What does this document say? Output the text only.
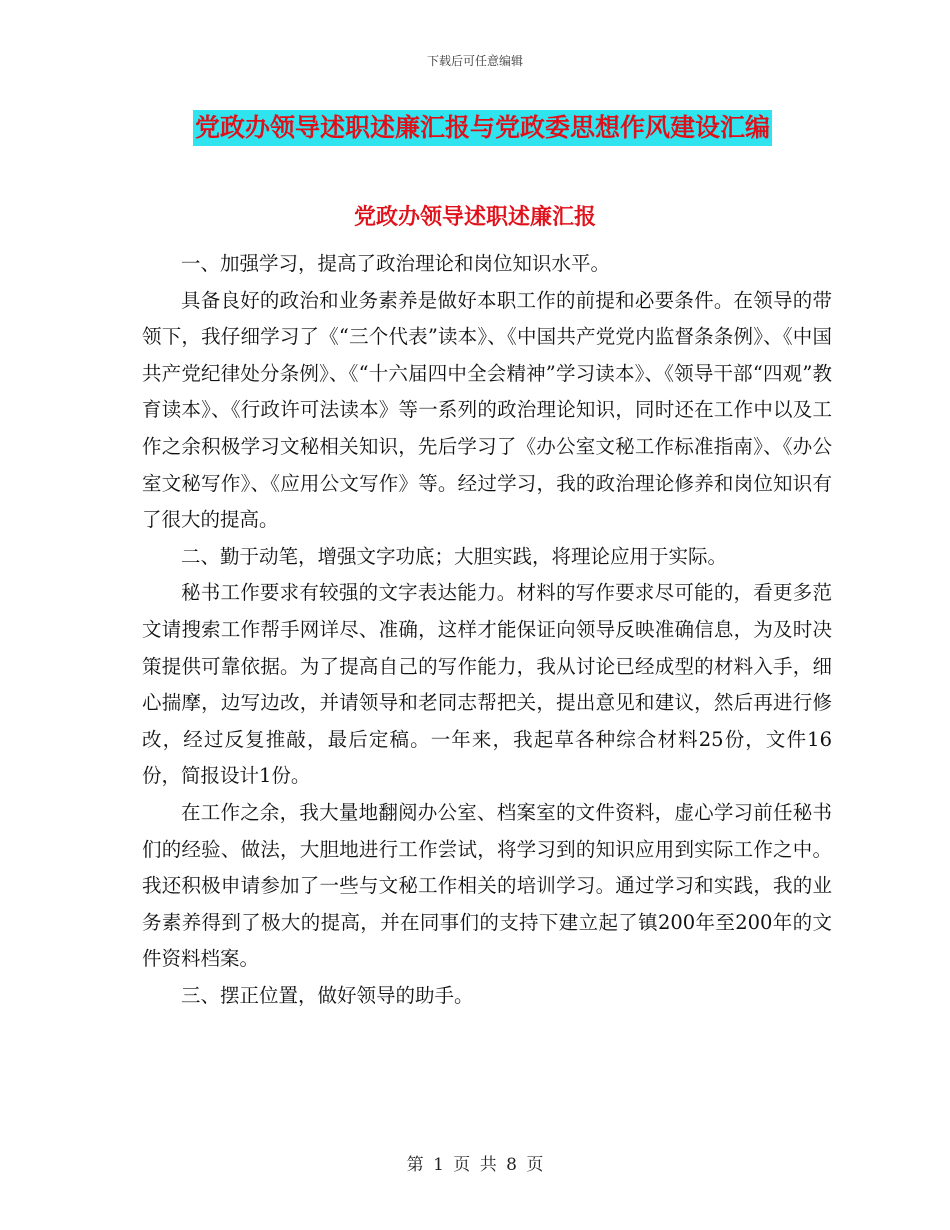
下载后可任意编辑
党政办领导述职述廉汇报与党政委思想作风建设汇编
党政办领导述职述廉汇报

一、加强学习，提高了政治理论和岗位知识水平。

具备良好的政治和业务素养是做好本职工作的前提和必要条件。在领导的带领下，我仔细学习了《“三个代表”读本》、《中国共产党党内监督条条例》、《中国共产党纪律处分条例》、《“十六届四中全会精神”学习读本》、《领导干部“四观”教育读本》、《行政许可法读本》等一系列的政治理论知识，同时还在工作中以及工作之余积极学习文秘相关知识，先后学习了《办公室文秘工作标准指南》、《办公室文秘写作》、《应用公文写作》等。经过学习，我的政治理论修养和岗位知识有了很大的提高。

二、勤于动笔，增强文字功底；大胆实践，将理论应用于实际。

秘书工作要求有较强的文字表达能力。材料的写作要求尽可能的，看更多范文请搜索工作帮手网详尽、准确，这样才能保证向领导反映准确信息，为及时决策提供可靠依据。为了提高自己的写作能力，我从讨论已经成型的材料入手，细心揣摩，边写边改，并请领导和老同志帮把关，提出意见和建议，然后再进行修改，经过反复推敲，最后定稿。一年来，我起草各种综合材料25份，文件16份，简报设计1份。

在工作之余，我大量地翻阅办公室、档案室的文件资料，虚心学习前任秘书们的经验、做法，大胆地进行工作尝试，将学习到的知识应用到实际工作之中。我还积极申请参加了一些与文秘工作相关的培训学习。通过学习和实践，我的业务素养得到了极大的提高，并在同事们的支持下建立起了镇200年至200年的文件资料档案。

三、摆正位置，做好领导的助手。

第 1 页 共 8 页
